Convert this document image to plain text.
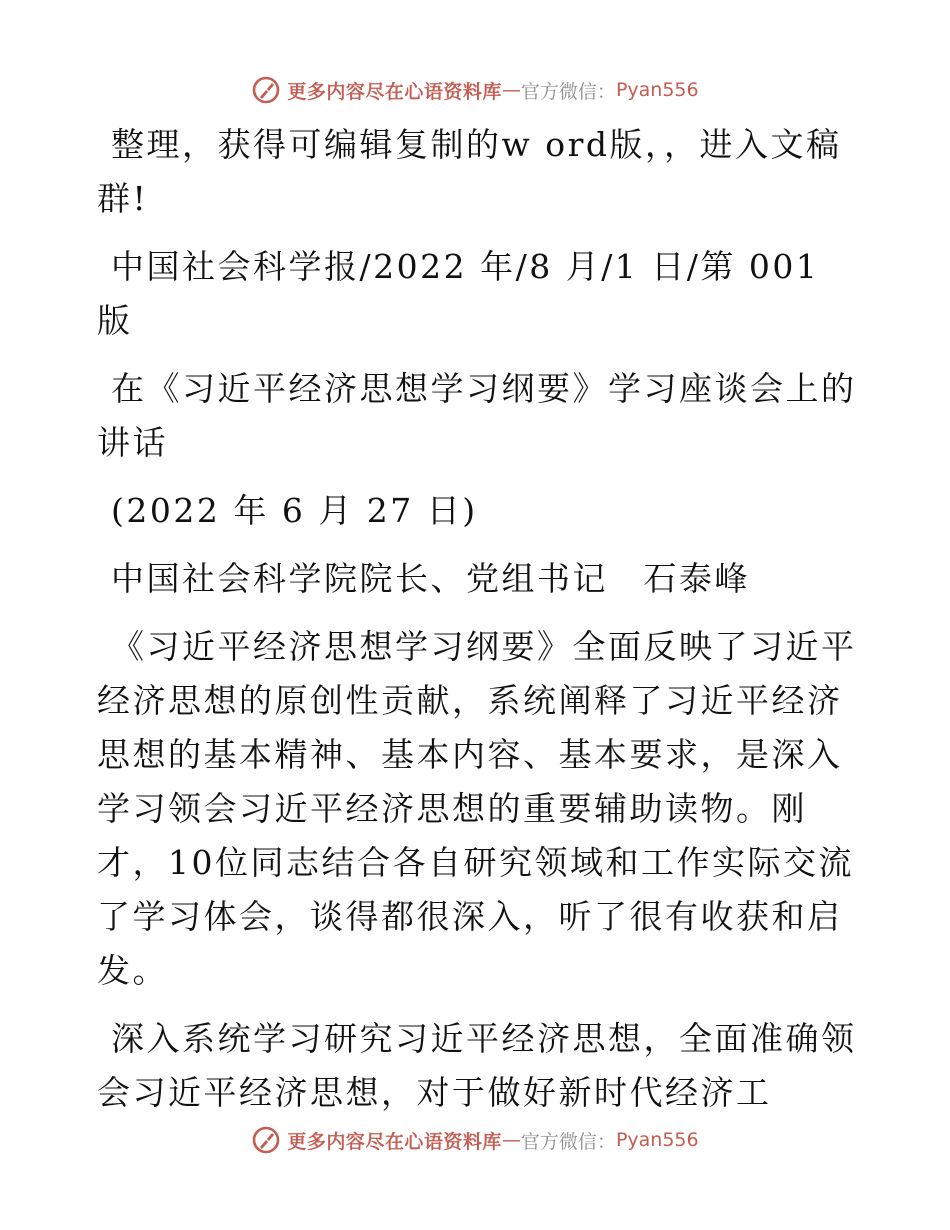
更多内容尽在心语资料库 — 官方微信： Pyan556

整理，获得可编辑复制的w ord版，，进入文稿群!

中国社会科学报/2022 年/8 月/1 日/第 001 版

在《习近平经济思想学习纲要》学习座谈会上的讲话

(2022 年 6 月 27 日)

中国社会科学院院长、党组书记　石泰峰

《习近平经济思想学习纲要》全面反映了习近平经济思想的原创性贡献，系统阐释了习近平经济思想的基本精神、基本内容、基本要求，是深入学习领会习近平经济思想的重要辅助读物。刚才，10位同志结合各自研究领域和工作实际交流了学习体会，谈得都很深入，听了很有收获和启发。

深入系统学习研究习近平经济思想，全面准确领会习近平经济思想，对于做好新时代经济工

更多内容尽在心语资料库 — 官方微信： Pyan556
